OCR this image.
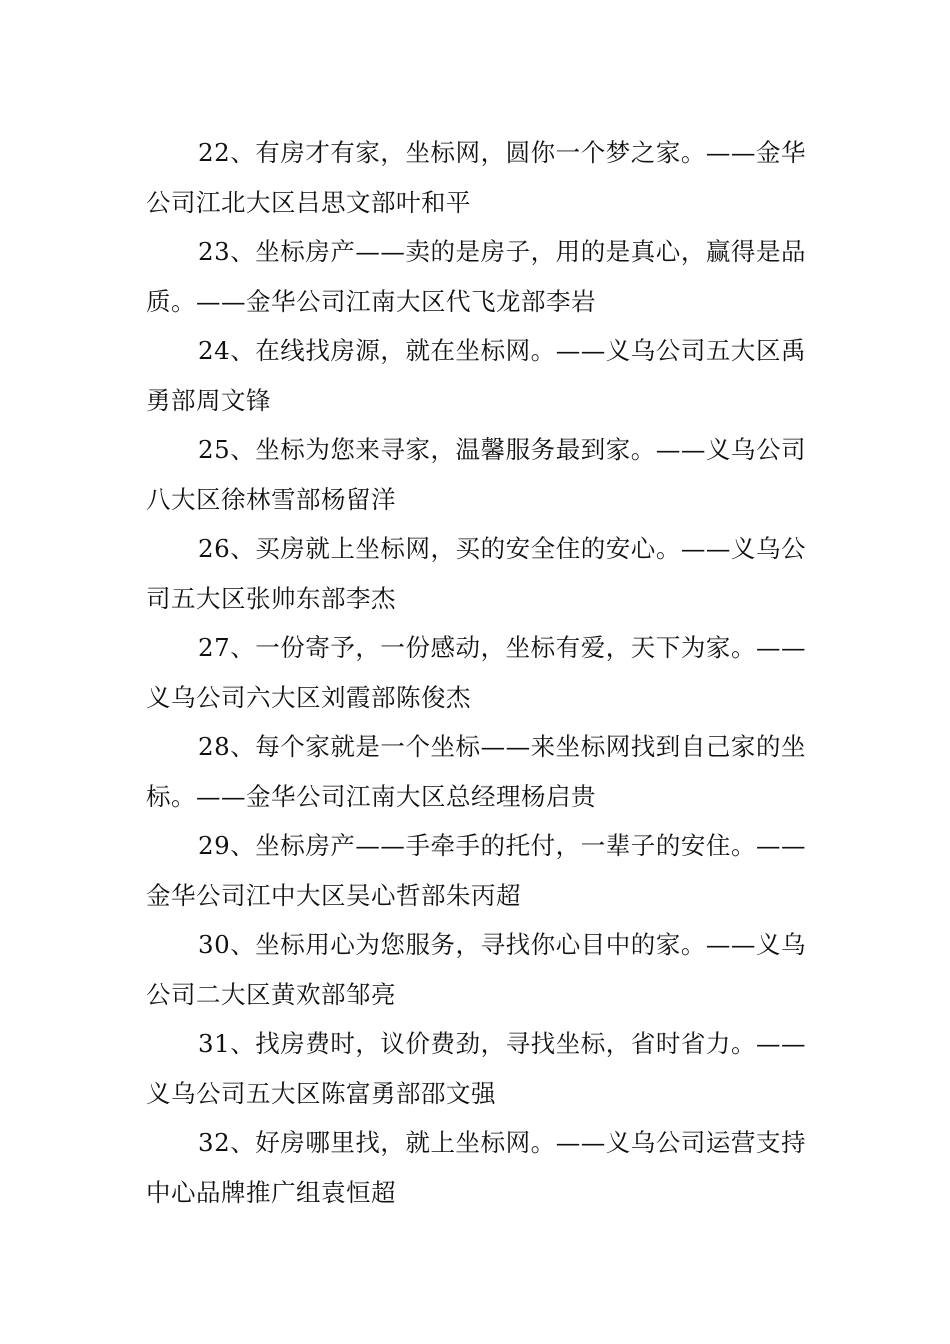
22、有房才有家，坐标网，圆你一个梦之家。——金华公司江北大区吕思文部叶和平

23、坐标房产——卖的是房子，用的是真心，赢得是品质。——金华公司江南大区代飞龙部李岩

24、在线找房源，就在坐标网。——义乌公司五大区禹勇部周文锋

25、坐标为您来寻家，温馨服务最到家。——义乌公司八大区徐林雪部杨留洋

26、买房就上坐标网，买的安全住的安心。——义乌公司五大区张帅东部李杰

27、一份寄予，一份感动，坐标有爱，天下为家。——义乌公司六大区刘霞部陈俊杰

28、每个家就是一个坐标——来坐标网找到自己家的坐标。——金华公司江南大区总经理杨启贵

29、坐标房产——手牵手的托付，一辈子的安住。——金华公司江中大区吴心哲部朱丙超

30、坐标用心为您服务，寻找你心目中的家。——义乌公司二大区黄欢部邹亮

31、找房费时，议价费劲，寻找坐标，省时省力。——义乌公司五大区陈富勇部邵文强

32、好房哪里找，就上坐标网。——义乌公司运营支持中心品牌推广组袁恒超
